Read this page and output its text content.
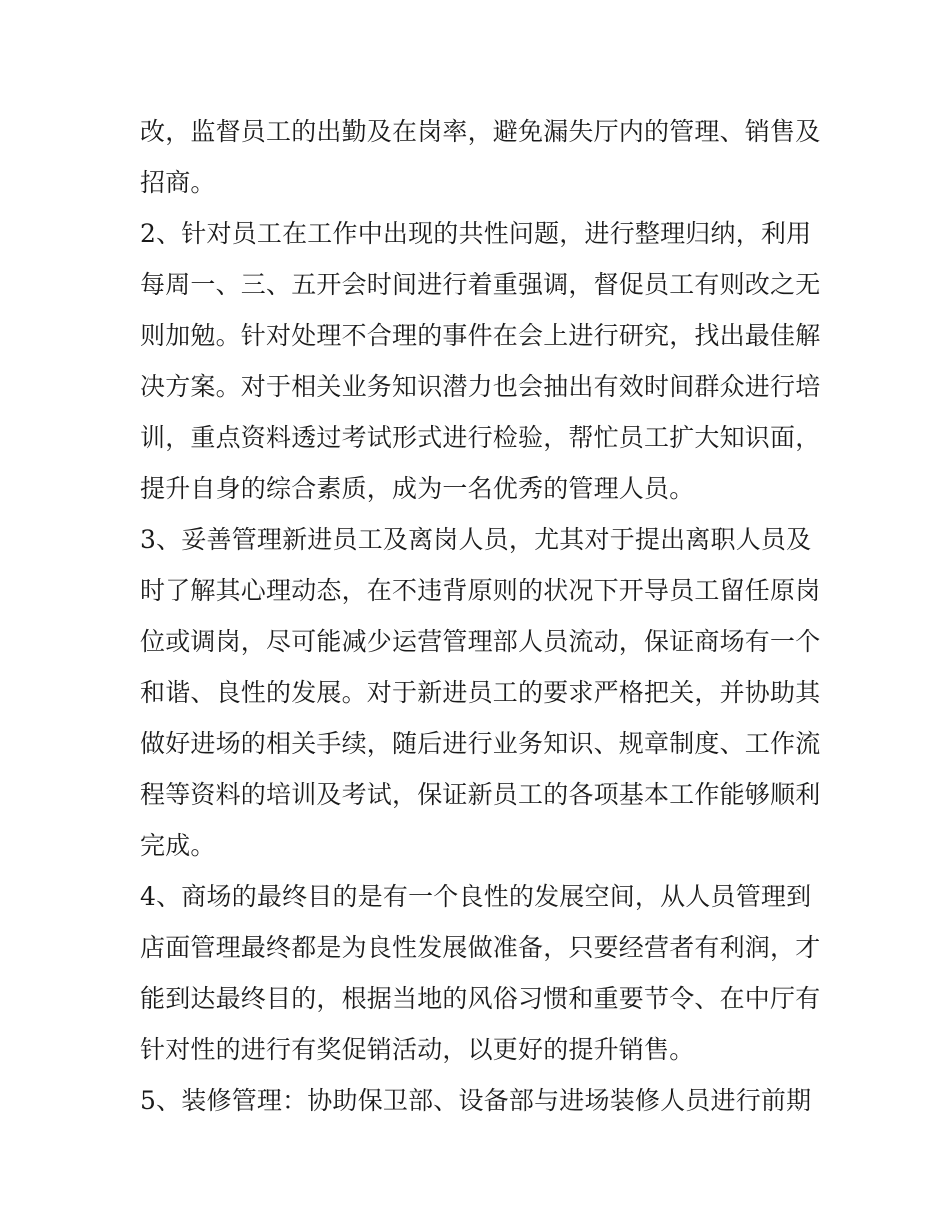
改，监督员工的出勤及在岗率，避免漏失厅内的管理、销售及
招商。
2、针对员工在工作中出现的共性问题，进行整理归纳，利用
每周一、三、五开会时间进行着重强调，督促员工有则改之无
则加勉。针对处理不合理的事件在会上进行研究，找出最佳解
决方案。对于相关业务知识潜力也会抽出有效时间群众进行培
训，重点资料透过考试形式进行检验，帮忙员工扩大知识面，
提升自身的综合素质，成为一名优秀的管理人员。
3、妥善管理新进员工及离岗人员，尤其对于提出离职人员及
时了解其心理动态，在不违背原则的状况下开导员工留任原岗
位或调岗，尽可能减少运营管理部人员流动，保证商场有一个
和谐、良性的发展。对于新进员工的要求严格把关，并协助其
做好进场的相关手续，随后进行业务知识、规章制度、工作流
程等资料的培训及考试，保证新员工的各项基本工作能够顺利
完成。
4、商场的最终目的是有一个良性的发展空间，从人员管理到
店面管理最终都是为良性发展做准备，只要经营者有利润，才
能到达最终目的，根据当地的风俗习惯和重要节令、在中厅有
针对性的进行有奖促销活动，以更好的提升销售。
5、装修管理：协助保卫部、设备部与进场装修人员进行前期
